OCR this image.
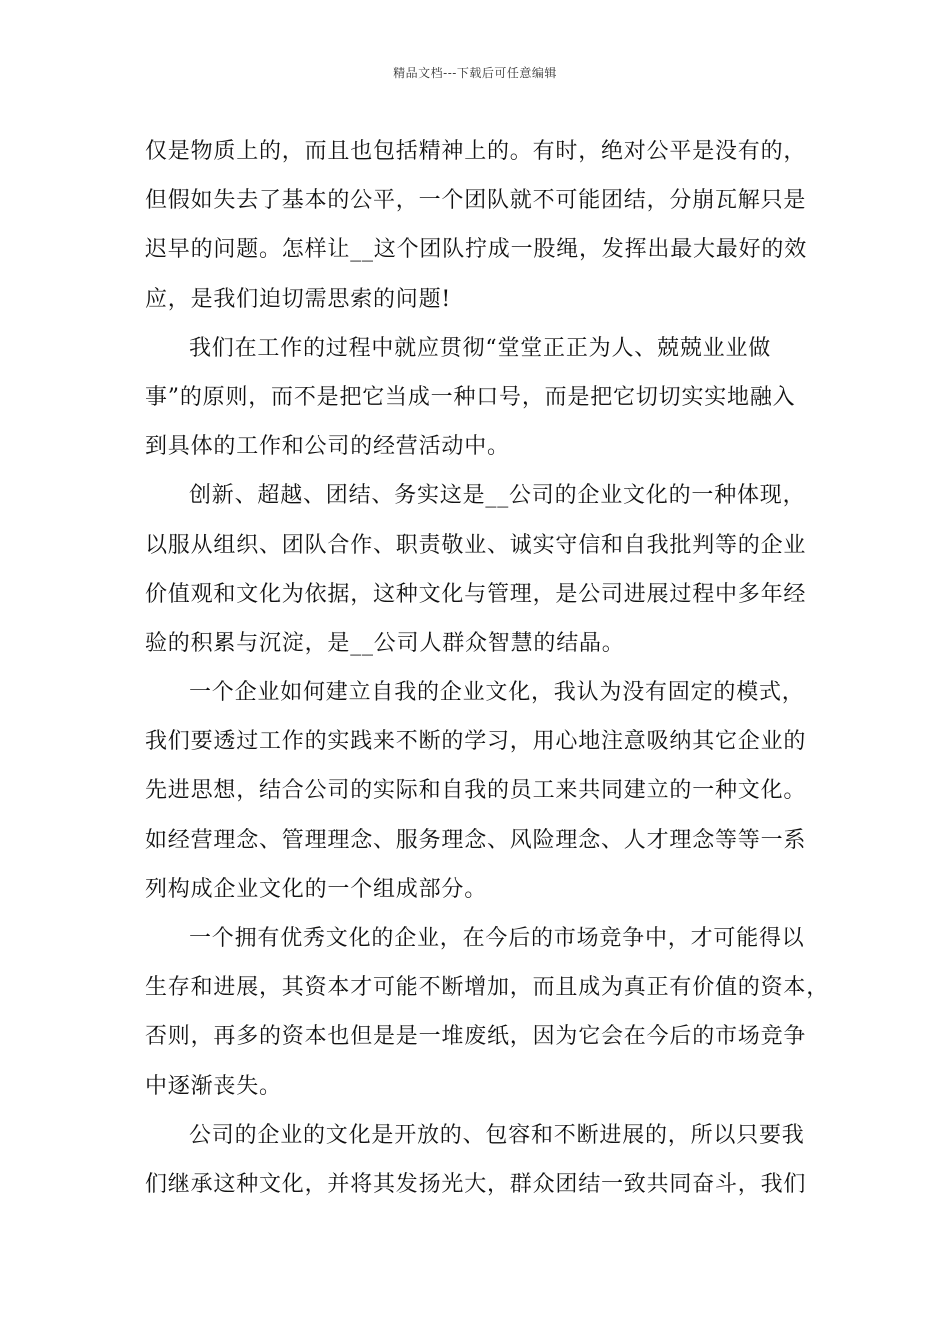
精品文档---下载后可任意编辑
仅是物质上的，而且也包括精神上的。有时，绝对公平是没有的，
但假如失去了基本的公平，一个团队就不可能团结，分崩瓦解只是
迟早的问题。怎样让__这个团队拧成一股绳，发挥出最大最好的效
应，是我们迫切需思索的问题!
我们在工作的过程中就应贯彻“堂堂正正为人、兢兢业业做
事”的原则，而不是把它当成一种口号，而是把它切切实实地融入
到具体的工作和公司的经营活动中。
创新、超越、团结、务实这是__公司的企业文化的一种体现，
以服从组织、团队合作、职责敬业、诚实守信和自我批判等的企业
价值观和文化为依据，这种文化与管理，是公司进展过程中多年经
验的积累与沉淀，是__公司人群众智慧的结晶。
一个企业如何建立自我的企业文化，我认为没有固定的模式，
我们要透过工作的实践来不断的学习，用心地注意吸纳其它企业的
先进思想，结合公司的实际和自我的员工来共同建立的一种文化。
如经营理念、管理理念、服务理念、风险理念、人才理念等等一系
列构成企业文化的一个组成部分。
一个拥有优秀文化的企业，在今后的市场竞争中，才可能得以
生存和进展，其资本才可能不断增加，而且成为真正有价值的资本，
否则，再多的资本也但是是一堆废纸，因为它会在今后的市场竞争
中逐渐丧失。
公司的企业的文化是开放的、包容和不断进展的，所以只要我
们继承这种文化，并将其发扬光大，群众团结一致共同奋斗，我们
